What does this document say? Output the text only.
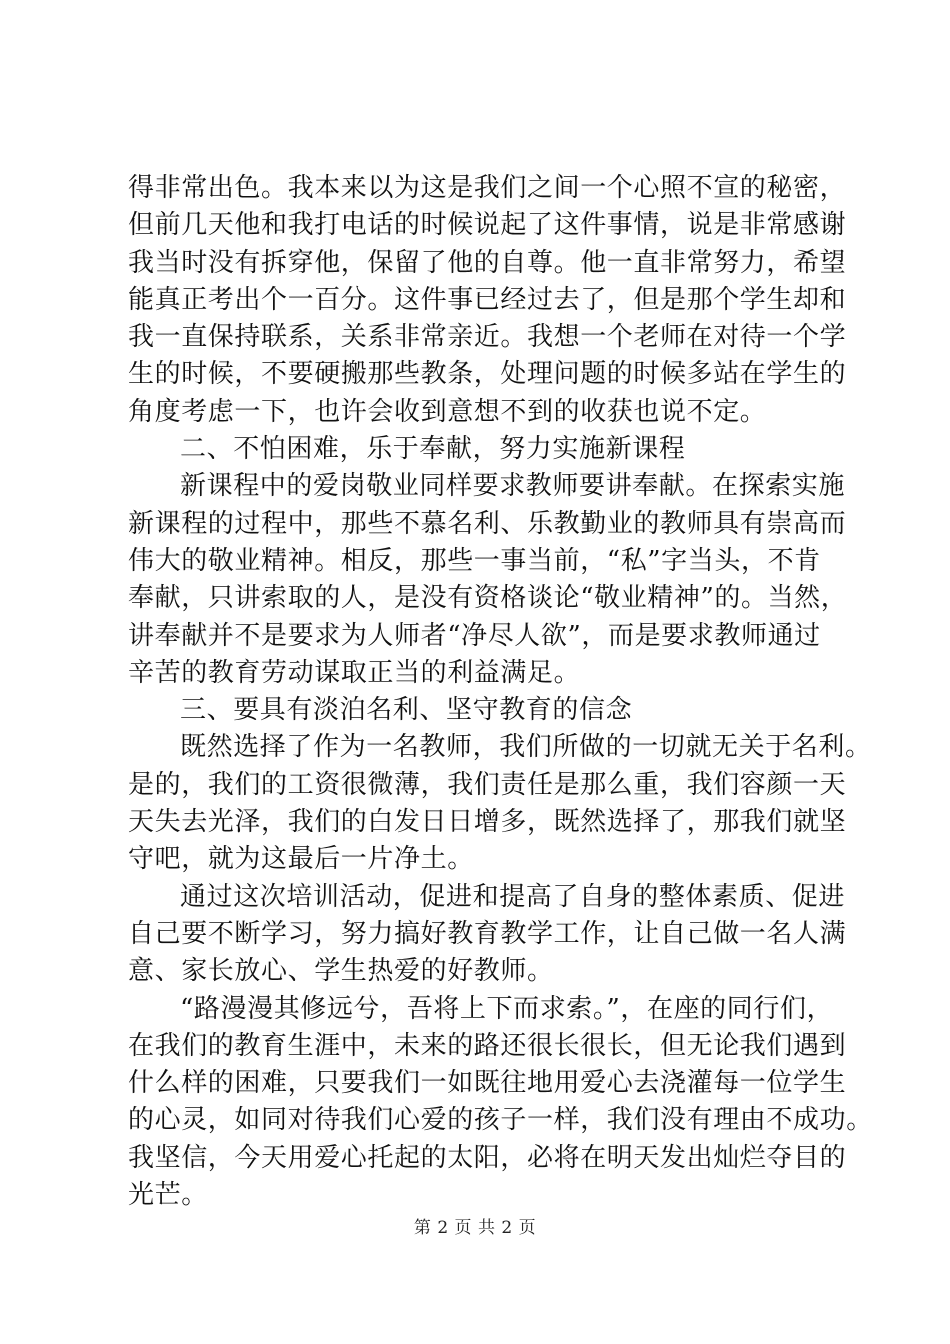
得非常出色。我本来以为这是我们之间一个心照不宣的秘密，
但前几天他和我打电话的时候说起了这件事情，说是非常感谢
我当时没有拆穿他，保留了他的自尊。他一直非常努力，希望
能真正考出个一百分。这件事已经过去了，但是那个学生却和
我一直保持联系，关系非常亲近。我想一个老师在对待一个学
生的时候，不要硬搬那些教条，处理问题的时候多站在学生的
角度考虑一下，也许会收到意想不到的收获也说不定。
二、不怕困难，乐于奉献，努力实施新课程
新课程中的爱岗敬业同样要求教师要讲奉献。在探索实施
新课程的过程中，那些不慕名利、乐教勤业的教师具有崇高而
伟大的敬业精神。相反，那些一事当前，“私”字当头，不肯
奉献，只讲索取的人，是没有资格谈论“敬业精神”的。当然，
讲奉献并不是要求为人师者“净尽人欲”，而是要求教师通过
辛苦的教育劳动谋取正当的利益满足。
三、要具有淡泊名利、坚守教育的信念
既然选择了作为一名教师，我们所做的一切就无关于名利。
是的，我们的工资很微薄，我们责任是那么重，我们容颜一天
天失去光泽，我们的白发日日增多，既然选择了，那我们就坚
守吧，就为这最后一片净土。
通过这次培训活动，促进和提高了自身的整体素质、促进
自己要不断学习，努力搞好教育教学工作，让自己做一名人满
意、家长放心、学生热爱的好教师。
“路漫漫其修远兮，吾将上下而求索。”，在座的同行们，
在我们的教育生涯中，未来的路还很长很长，但无论我们遇到
什么样的困难，只要我们一如既往地用爱心去浇灌每一位学生
的心灵，如同对待我们心爱的孩子一样，我们没有理由不成功。
我坚信，今天用爱心托起的太阳，必将在明天发出灿烂夺目的
光芒。
第 2 页 共 2 页
